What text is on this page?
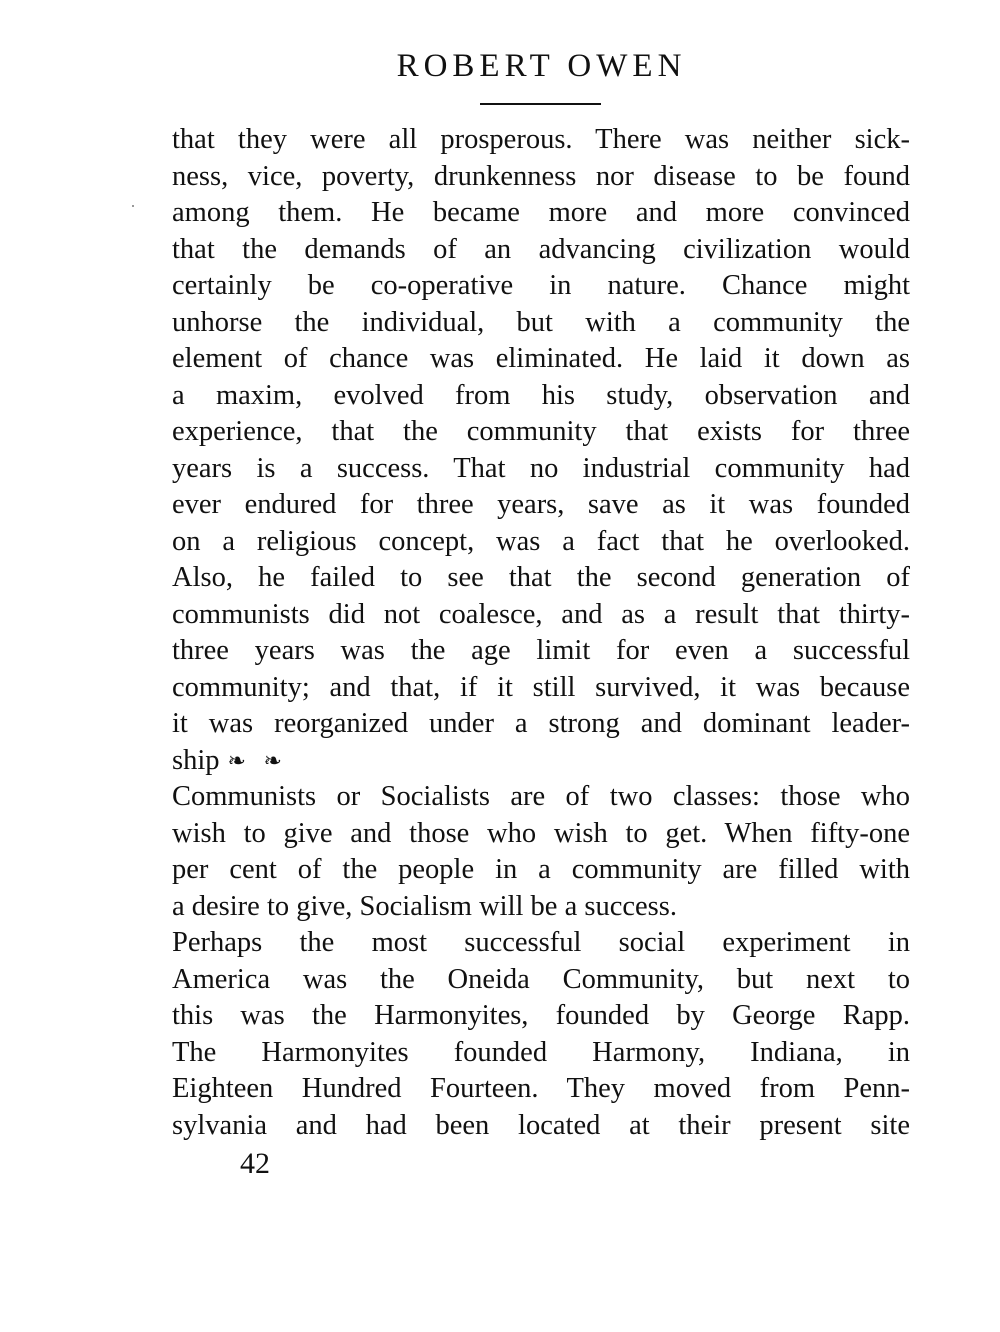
ROBERT OWEN
that they were all prosperous. There was neither sick-
ness, vice, poverty, drunkenness nor disease to be found
among them. He became more and more convinced
that the demands of an advancing civilization would
certainly be co-operative in nature. Chance might
unhorse the individual, but with a community the
element of chance was eliminated. He laid it down as
a maxim, evolved from his study, observation and
experience, that the community that exists for three
years is a success. That no industrial community had
ever endured for three years, save as it was founded
on a religious concept, was a fact that he overlooked.
Also, he failed to see that the second generation of
communists did not coalesce, and as a result that thirty-
three years was the age limit for even a successful
community; and that, if it still survived, it was because
it was reorganized under a strong and dominant leader-
ship ❧ ❧
Communists or Socialists are of two classes: those who
wish to give and those who wish to get. When fifty-one
per cent of the people in a community are filled with
a desire to give, Socialism will be a success.
Perhaps the most successful social experiment in
America was the Oneida Community, but next to
this was the Harmonyites, founded by George Rapp.
The Harmonyites founded Harmony, Indiana, in
Eighteen Hundred Fourteen. They moved from Penn-
sylvania and had been located at their present site
42
